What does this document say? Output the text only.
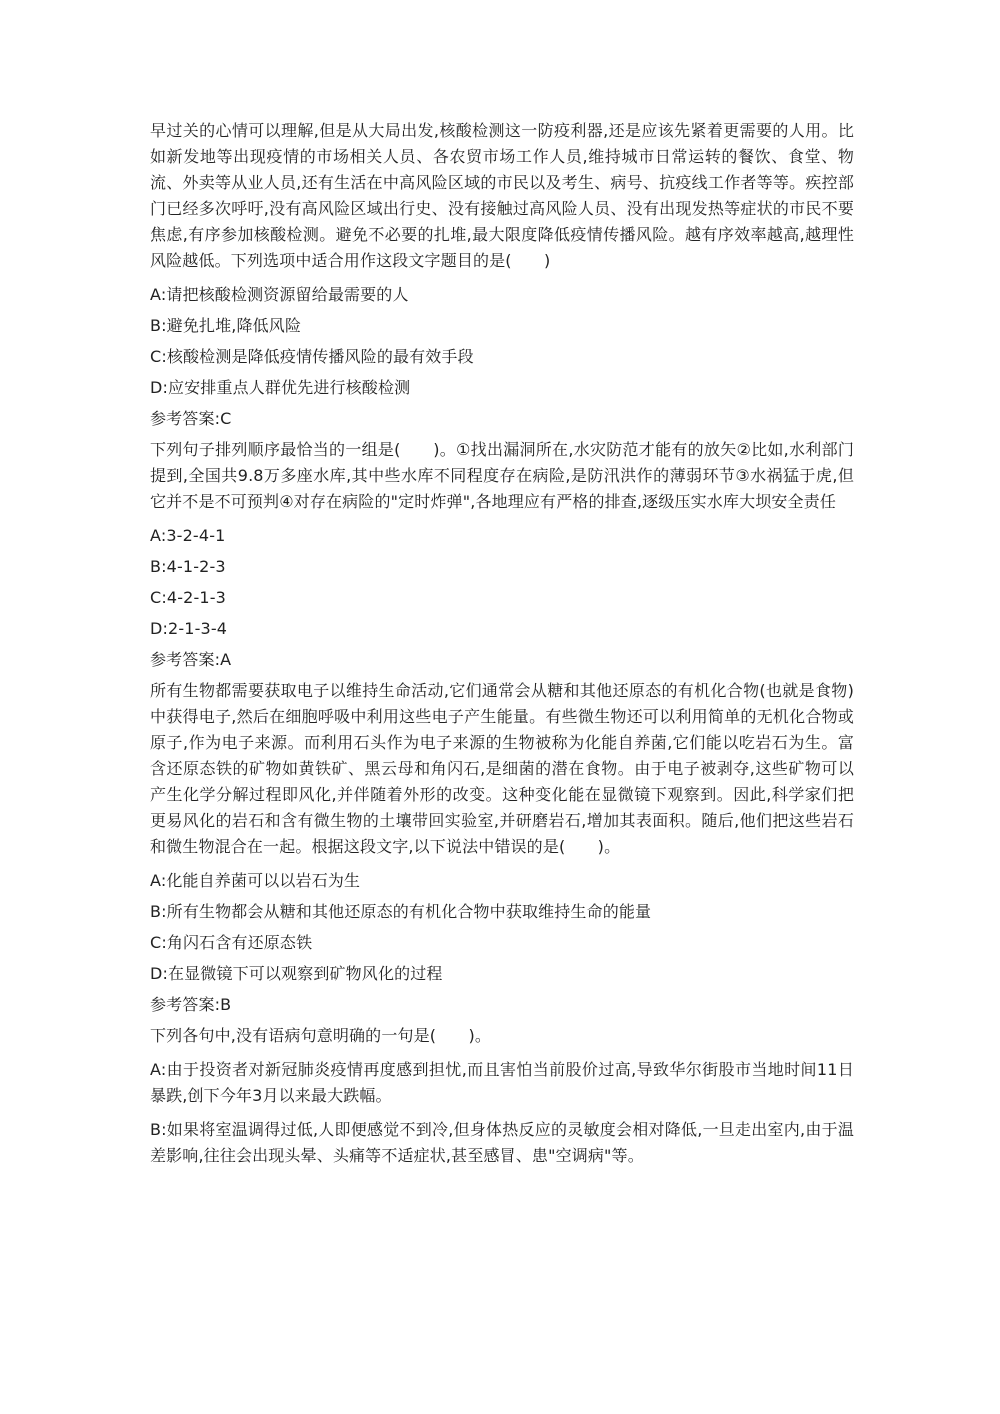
早过关的心情可以理解,但是从大局出发,核酸检测这一防疫利器,还是应该先紧着更需要的人用。比如新发地等出现疫情的市场相关人员、各农贸市场工作人员,维持城市日常运转的餐饮、食堂、物流、外卖等从业人员,还有生活在中高风险区域的市民以及考生、病号、抗疫线工作者等等。疾控部门已经多次呼吁,没有高风险区域出行史、没有接触过高风险人员、没有出现发热等症状的市民不要焦虑,有序参加核酸检测。避免不必要的扎堆,最大限度降低疫情传播风险。越有序效率越高,越理性风险越低。下列选项中适合用作这段文字题目的是(　　)

A:请把核酸检测资源留给最需要的人

B:避免扎堆,降低风险

C:核酸检测是降低疫情传播风险的最有效手段

D:应安排重点人群优先进行核酸检测

参考答案:C

下列句子排列顺序最恰当的一组是(　　)。①找出漏洞所在,水灾防范才能有的放矢②比如,水利部门提到,全国共9.8万多座水库,其中些水库不同程度存在病险,是防汛洪作的薄弱环节③水祸猛于虎,但它并不是不可预判④对存在病险的"定时炸弹",各地理应有严格的排查,逐级压实水库大坝安全责任

A:3-2-4-1

B:4-1-2-3

C:4-2-1-3

D:2-1-3-4

参考答案:A

所有生物都需要获取电子以维持生命活动,它们通常会从糖和其他还原态的有机化合物(也就是食物)中获得电子,然后在细胞呼吸中利用这些电子产生能量。有些微生物还可以利用简单的无机化合物或原子,作为电子来源。而利用石头作为电子来源的生物被称为化能自养菌,它们能以吃岩石为生。富含还原态铁的矿物如黄铁矿、黑云母和角闪石,是细菌的潜在食物。由于电子被剥夺,这些矿物可以产生化学分解过程即风化,并伴随着外形的改变。这种变化能在显微镜下观察到。因此,科学家们把更易风化的岩石和含有微生物的土壤带回实验室,并研磨岩石,增加其表面积。随后,他们把这些岩石和微生物混合在一起。根据这段文字,以下说法中错误的是(　　)。

A:化能自养菌可以以岩石为生

B:所有生物都会从糖和其他还原态的有机化合物中获取维持生命的能量

C:角闪石含有还原态铁

D:在显微镜下可以观察到矿物风化的过程

参考答案:B

下列各句中,没有语病句意明确的一句是(　　)。

A:由于投资者对新冠肺炎疫情再度感到担忧,而且害怕当前股价过高,导致华尔街股市当地时间11日暴跌,创下今年3月以来最大跌幅。

B:如果将室温调得过低,人即便感觉不到冷,但身体热反应的灵敏度会相对降低,一旦走出室内,由于温差影响,往往会出现头晕、头痛等不适症状,甚至感冒、患"空调病"等。
